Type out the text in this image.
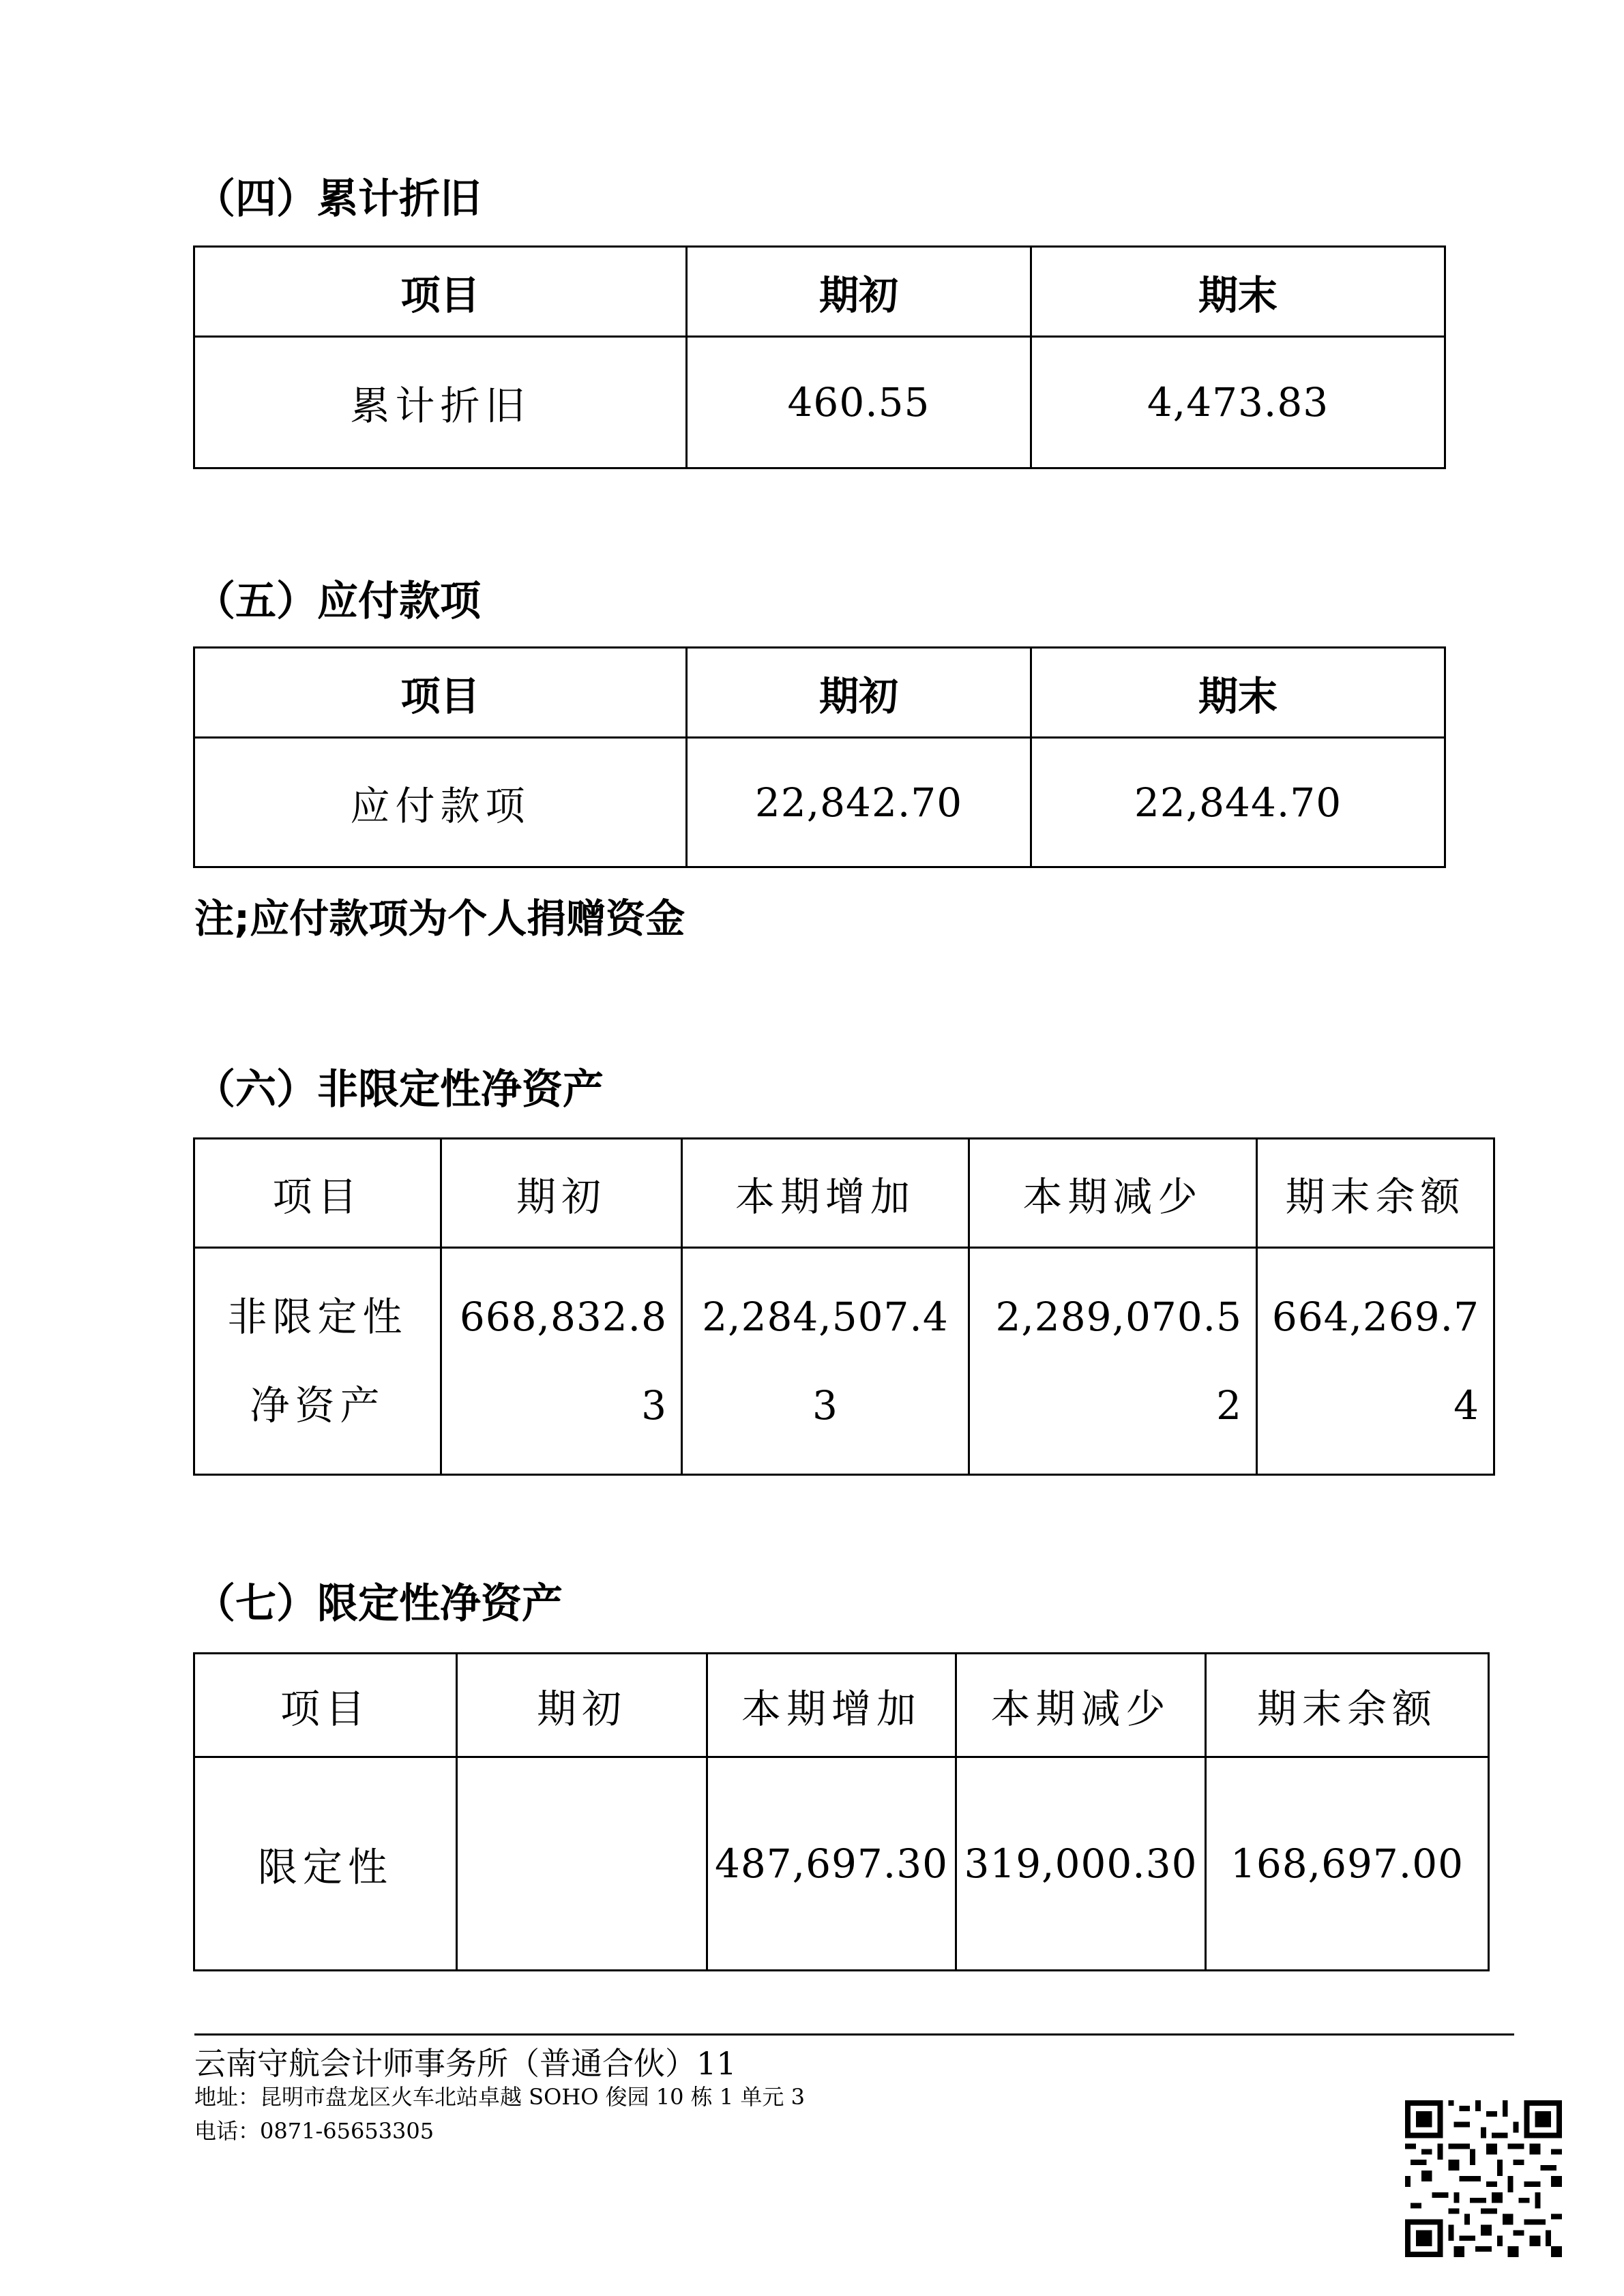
（四）累计折旧
项目	期初	期末
累计折旧	460.55	4,473.83
（五）应付款项
项目	期初	期末
应付款项	22,842.70	22,844.70

注;应付款项为个人捐赠资金

（六）非限定性净资产
项目	期初	本期增加	本期减少	期末余额

非限定性净资产	668,832.83	2,284,507.43	2,289,070.52	664,269.74
（七）限定性净资产
项目	期初	本期增加	本期减少	期末余额
限定性		487,697.30	319,000.30	168,697.00

云南守航会计师事务所（普通合伙）11

地址：昆明市盘龙区火车北站卓越 SOHO 俊园 10 栋 1 单元 3

电话：0871-65653305
